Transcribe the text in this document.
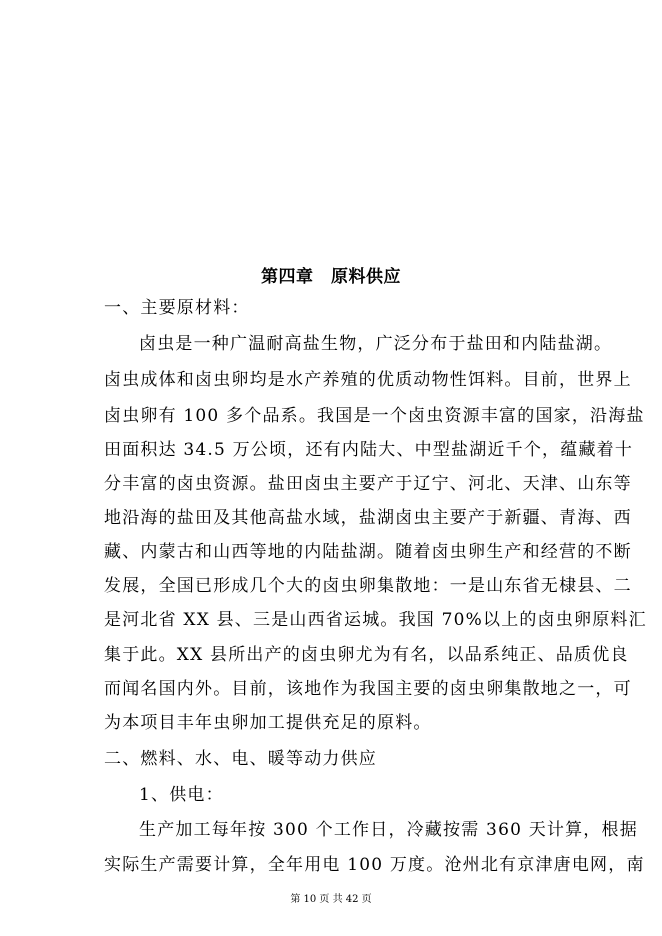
第四章　原料供应
一、主要原材料：
卤虫是一种广温耐高盐生物，广泛分布于盐田和内陆盐湖。
卤虫成体和卤虫卵均是水产养殖的优质动物性饵料。目前，世界上
卤虫卵有 100 多个品系。我国是一个卤虫资源丰富的国家，沿海盐
田面积达 34.5 万公顷，还有内陆大、中型盐湖近千个，蕴藏着十
分丰富的卤虫资源。盐田卤虫主要产于辽宁、河北、天津、山东等
地沿海的盐田及其他高盐水域，盐湖卤虫主要产于新疆、青海、西
藏、内蒙古和山西等地的内陆盐湖。随着卤虫卵生产和经营的不断
发展，全国已形成几个大的卤虫卵集散地：一是山东省无棣县、二
是河北省 XX 县、三是山西省运城。我国 70%以上的卤虫卵原料汇
集于此。XX 县所出产的卤虫卵尤为有名，以品系纯正、品质优良
而闻名国内外。目前，该地作为我国主要的卤虫卵集散地之一，可
为本项目丰年虫卵加工提供充足的原料。
二、燃料、水、电、暖等动力供应
1、供电：
生产加工每年按 300 个工作日，冷藏按需 360 天计算，根据
实际生产需要计算，全年用电 100 万度。沧州北有京津唐电网，南
第 10 页 共 42 页
